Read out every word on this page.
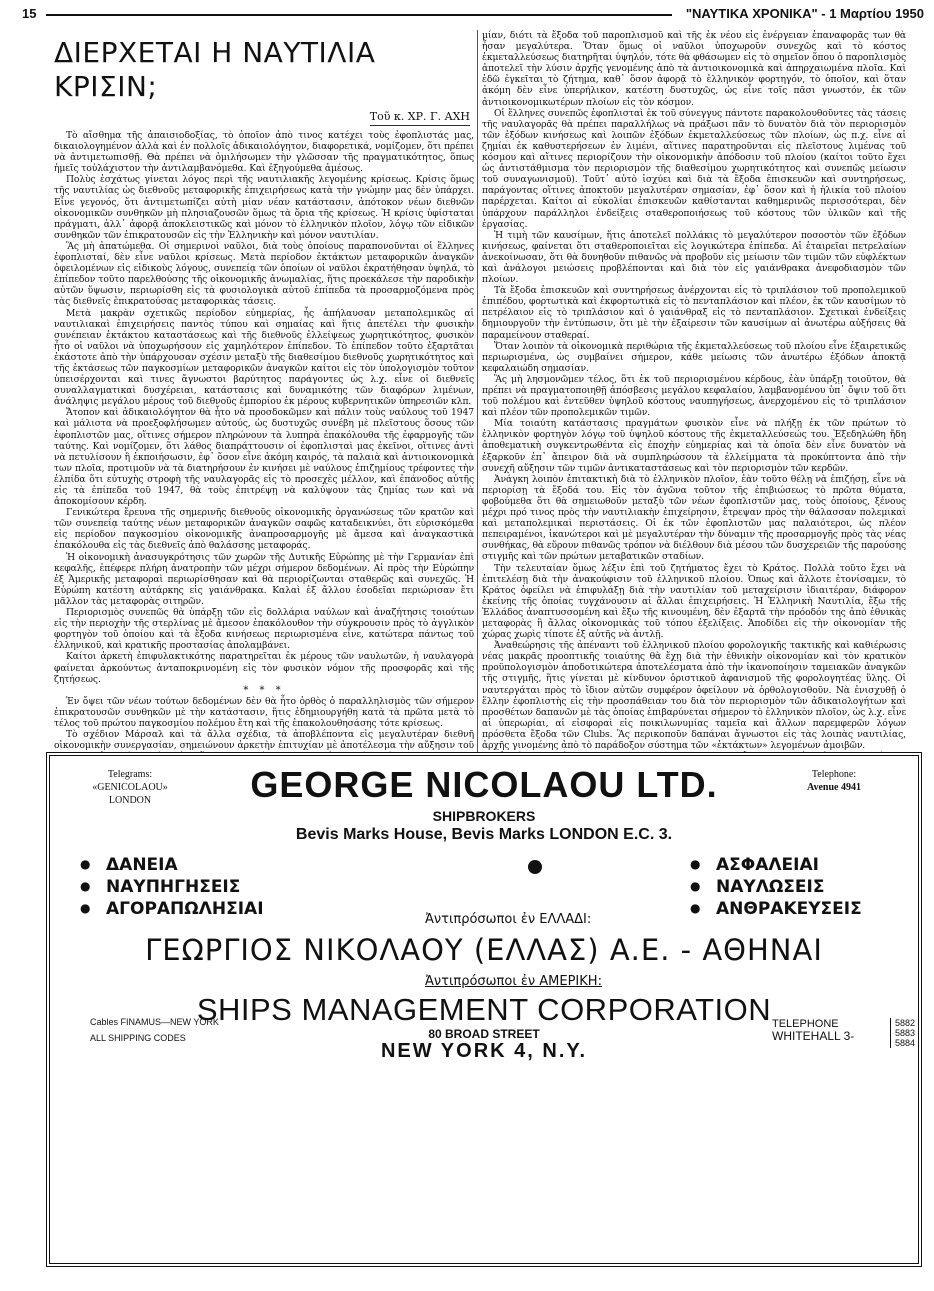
15	"ΝΑΥΤΙΚΑ ΧΡΟΝΙΚΑ" - 1 Μαρτίου 1950
ΔΙΕΡΧΕΤΑΙ Η ΝΑΥΤΙΛΙΑ ΚΡΙΣΙΝ;
Τοῦ κ. ΧΡ. Γ. ΑΧΗ

Τὸ αἴσθημα τῆς ἀπαισιοδοξίας, τὸ ὁποῖον ἀπὸ τινος κατέχει τοὺς ἐφοπλιστάς μας, δικαιολογημένον ἀλλὰ καὶ ἐν πολλοῖς ἀδικαιολόγητον, διαφορετικά, νομίζομεν, ὅτι πρέπει νὰ ἀντιμετωπισθῇ. Θὰ πρέπει νὰ ὁμιλήσωμεν τὴν γλῶσσαν τῆς πραγματικότητος, ὅπως ἡμεῖς τοὐλάχιστον τὴν ἀντιλαμβανόμεθα. Καὶ ἐξηγούμεθα ἀμέσως.

Πολὺς ἐσχάτως γίνεται λόγος περὶ τῆς ναυτιλιακῆς λεγομένης κρίσεως. Κρίσις ὅμως τῆς ναυτιλίας ὡς διεθνοῦς μεταφορικῆς ἐπιχειρήσεως κατὰ τὴν γνώμην μας δὲν ὑπάρχει. Εἶνε γεγονός, ὅτι ἀντιμετωπίζει αὐτὴ μίαν νέαν κατάστασιν, ἀπότοκον νέων διεθνῶν οἰκονομικῶν συνθηκῶν μὴ πλησιαζουσῶν ὅμως τὰ ὅρια τῆς κρίσεως. Ἡ κρίσις ὑφίσταται πράγματι, ἀλλ᾽ ἀφορᾷ ἀποκλειστικῶς καὶ μόνον τὸ ἑλληνικὸν πλοῖον, λόγῳ τῶν εἰδικῶν συνθηκῶν τῶν ἐπικρατουσῶν εἰς τὴν Ἑλληνικὴν καὶ μόνον ναυτιλίαν.

Ἂς μὴ ἀπατώμεθα. Οἱ σημερινοὶ ναῦλοι, διὰ τοὺς ὁποίους παραπονοῦνται οἱ ἕλληνες ἐφοπλισταί, δὲν εἶνε ναῦλοι κρίσεως. Μετὰ περίοδον ἐκτάκτων μεταφορικῶν ἀναγκῶν ὀφειλομένων εἰς εἰδικοὺς λόγους, συνεπείᾳ τῶν ὁποίων οἱ ναῦλοι ἐκρατήθησαν ὑψηλά, τὸ ἐπίπεδον τοῦτο παρελθούσης τῆς οἰκονομικῆς ἀνωμαλίας, ἥτις προεκάλεσε τὴν παροδικὴν αὐτῶν ὕψωσιν, περιωρίσθη εἰς τὰ φυσιολογικὰ αὐτοῦ ἐπίπεδα τὰ προσαρμοζόμενα πρὸς τὰς διεθνεῖς ἐπικρατούσας μεταφορικὰς τάσεις.

Μετὰ μακρὰν σχετικῶς περίοδον εὐημερίας, ἧς ἀπήλαυσαν μεταπολεμικῶς αἱ ναυτιλιακαὶ ἐπιχειρήσεις παντὸς τύπου καὶ σημαίας καὶ ἥτις ἀπετέλει τὴν φυσικὴν συνέπειαν ἐκτάκτου καταστάσεως καὶ τῆς διεθνοῦς ἐλλείψεως χωρητικότητος, φυσικὸν ἦτο οἱ ναῦλοι νὰ ὑποχωρήσουν εἰς χαμηλότερον ἐπίπεδον. Τὸ ἐπίπεδον τοῦτο ἐξαρτᾶται ἑκάστοτε ἀπὸ τὴν ὑπάρχουσαν σχέσιν μεταξὺ τῆς διαθεσίμου διεθνοῦς χωρητικότητος καὶ τῆς ἐκτάσεως τῶν παγκοσμίων μεταφορικῶν ἀναγκῶν καίτοι εἰς τὸν ὑπολογισμὸν τοῦτον ὑπεισέρχονται καὶ τινες ἄγνωστοι βαρύτητος παράγοντες ὡς λ.χ. εἶνε οἱ διεθνεῖς συναλλαγματικαὶ δυσχέρειαι, κατάστασις καὶ δυναμικότης τῶν διαφόρων λιμένων, ἀνάληψις μεγάλου μέρους τοῦ διεθνοῦς ἐμπορίου ἐκ μέρους κυβερνητικῶν ὑπηρεσιῶν κλπ.

Ἄτοπον καὶ ἀδικαιολόγητον θὰ ἦτο νὰ προσδοκῶμεν καὶ πάλιν τοὺς ναύλους τοῦ 1947 καὶ μάλιστα νὰ προεξοφλήσωμεν αὐτούς, ὡς δυστυχῶς συνέβη μὲ πλεῖστους ὅσους τῶν ἐφοπλιστῶν μας, οἵτινες σήμερον πληρώνουν τὰ λυπηρὰ ἐπακόλουθα τῆς ἐφαρμογῆς τῶν ταύτης. Καὶ νομίζομεν, ὅτι λάθος διαπράττουσιν οἱ ἐφοπλισταὶ μας ἐκεῖνοι, οἵτινες ἀντὶ νὰ πετυλίσουν ἢ ἐκποιήσωσιν, ἐφ᾽ ὅσον εἶνε ἀκόμη καιρός, τὰ παλαιὰ καὶ ἀντιοικονομικὰ των πλοῖα, προτιμοῦν νὰ τὰ διατηρήσουν ἐν κινήσει μὲ ναύλους ἐπιζημίους τρέφοντες τὴν ἐλπίδα ὅτι εὐτυχὴς στροφὴ τῆς ναυλαγορᾶς εἰς τὸ προσεχὲς μέλλον, καὶ ἐπάνοδος αὐτῆς εἰς τὰ ἐπίπεδα τοῦ 1947, θὰ τοὺς ἐπιτρέψῃ νὰ καλύψουν τὰς ζημίας των καὶ νὰ ἀποκομίσουν κέρδη.

Γενικώτερα ἔρευνα τῆς σημερινῆς διεθνοῦς οἰκονομικῆς ὀργανώσεως τῶν κρατῶν καὶ τῶν συνεπείᾳ ταύτης νέων μεταφορικῶν ἀναγκῶν σαφῶς καταδεικνύει, ὅτι εὑρισκόμεθα εἰς περίοδον παγκοσμίου οἰκονομικῆς ἀναπροσαρμογῆς μὲ ἄμεσα καὶ ἀναγκαστικὰ ἐπακόλουθα εἰς τὰς διεθνεῖς ἀπὸ θαλάσσης μεταφοράς.

Ἡ οἰκονομικὴ ἀνασυγκρότησις τῶν χωρῶν τῆς Δυτικῆς Εὐρώπης μὲ τὴν Γερμανίαν ἐπὶ κεφαλῆς, ἐπέφερε πλήρη ἀνατροπὴν τῶν μέχρι σήμερον δεδομένων. Αἱ πρὸς τὴν Εὐρώπην ἐξ Ἀμερικῆς μεταφοραὶ περιωρίσθησαν καὶ θὰ περιορίζωνται σταθερῶς καὶ συνεχῶς. Ἡ Εὐρώπη κατέστη αὐτάρκης εἰς γαιάνθρακα. Καλαὶ ἐξ ἄλλου ἐσοδεῖαι περιώρισαν ἔτι μᾶλλον τὰς μεταφορὰς σιτηρῶν.

Περιορισμὸς συνεπῶς θὰ ὑπάρξῃ τῶν εἰς δολλάρια ναύλων καὶ ἀναζήτησις τοιούτων εἰς τὴν περιοχὴν τῆς στερλίνας μὲ ἄμεσον ἐπακόλουθον τὴν σύγκρουσιν πρὸς τὸ ἀγγλικὸν φορτηγὸν τοῦ ὁποίου καὶ τὰ ἔξοδα κινήσεως περιωρισμένα εἶνε, κατώτερα πάντως τοῦ ἑλληνικοῦ, καὶ κρατικῆς προστασίας ἀπολαμβάνει.

Καίτοι ἀρκετὴ ἐπιφυλακτικότης παρατηρεῖται ἐκ μέρους τῶν ναυλωτῶν, ἡ ναυλαγορὰ φαίνεται ἀρκούντως ἀνταποκρινομένη εἰς τὸν φυσικὸν νόμον τῆς προσφορᾶς καὶ τῆς ζητήσεως.

* * *

Ἐν ὄψει τῶν νέων τούτων δεδομένων δὲν θὰ ἦτο ὀρθὸς ὁ παραλληλισμὸς τῶν σήμερον ἐπικρατουσῶν συνθηκῶν μὲ τὴν κατάστασιν, ἥτις ἐδημιουργήθη κατὰ τὰ πρῶτα μετὰ τὸ τέλος τοῦ πρώτου παγκοσμίου πολέμου ἔτη καὶ τῆς ἐπακολουθησάσης τότε κρίσεως.

Τὸ σχέδιον Μάρσαλ καὶ τὰ ἄλλα σχέδια, τὰ ἀποβλέποντα εἰς μεγαλυτέραν διεθνῆ οἰκονομικὴν συνεργασίαν, σημειώνουν ἀρκετὴν ἐπιτυχίαν μὲ ἀποτέλεσμα τὴν αὔξησιν τοῦ

μίαν, διότι τὰ ἔξοδα τοῦ παροπλισμοῦ καὶ τῆς ἐκ νέου εἰς ἐνέργειαν ἐπαναφορᾶς των θὰ ἦσαν μεγαλύτερα. Ὅταν ὅμως οἱ ναῦλοι ὑποχωροῦν συνεχῶς καὶ τὸ κόστος ἐκμεταλλεύσεως διατηρῆται ὑψηλόν, τότε θὰ φθάσωμεν εἰς τὸ σημεῖον ὅπου ὁ παροπλισμὸς ἀποτελεῖ τὴν λύσιν ἀρχῆς γενομένης ἀπὸ τὰ ἀντιοικονομικὰ καὶ ἀπηρχαιωμένα πλοῖα. Καὶ ἐδῶ ἐγκεῖται τὸ ζήτημα, καθ᾽ ὅσον ἀφορᾷ τὸ ἑλληνικὸν φορτηγόν, τὸ ὁποῖον, καὶ ὅταν ἀκόμη δὲν εἶνε ὑπερήλικον, κατέστη δυστυχῶς, ὡς εἶνε τοῖς πᾶσι γνωστόν, ἐκ τῶν ἀντιοικονομικωτέρων πλοίων εἰς τὸν κόσμον.

Οἱ ἕλληνες συνεπῶς ἐφοπλισταὶ ἐκ τοῦ σύνεγγυς πάντοτε παρακολουθοῦντες τὰς τάσεις τῆς ναυλαγορᾶς θὰ πρέπει παραλλήλως νὰ πράξωσι πᾶν τὸ δυνατὸν διὰ τὸν περιορισμὸν τῶν ἐξόδων κινήσεως καὶ λοιπῶν ἐξόδων ἐκμεταλλεύσεως τῶν πλοίων, ὡς π.χ. εἶνε αἱ ζημίαι ἐκ καθυστερήσεων ἐν λιμένι, αἵτινες παρατηροῦνται εἰς πλεῖστους λιμένας τοῦ κόσμου καὶ αἵτινες περιορίζουν τὴν οἰκονομικὴν ἀπόδοσιν τοῦ πλοίου (καίτοι τοῦτο ἔχει ὡς ἀντιστάθμισμα τὸν περιορισμὸν τῆς διαθεσίμου χωρητικότητος καὶ συνεπῶς μείωσιν τοῦ συναγωνισμοῦ). Τοῦτ᾽ αὐτὸ ἰσχύει καὶ διὰ τὰ ἔξοδα ἐπισκευῶν καὶ συντηρήσεως, παράγοντας οἵτινες ἀποκτοῦν μεγαλυτέραν σημασίαν, ἐφ᾽ ὅσον καὶ ἡ ἡλικία τοῦ πλοίου παρέρχεται. Καίτοι αἱ εὐκολίαι ἐπισκευῶν καθίστανται καθημερινῶς περισσότεραι, δὲν ὑπάρχουν παράλληλοι ἐνδείξεις σταθεροποιήσεως τοῦ κόστους τῶν ὑλικῶν καὶ τῆς ἐργασίας.

Ἡ τιμὴ τῶν καυσίμων, ἥτις ἀποτελεῖ πολλάκις τὸ μεγαλύτερον ποσοστὸν τῶν ἐξόδων κινήσεως, φαίνεται ὅτι σταθεροποιεῖται εἰς λογικώτερα ἐπίπεδα. Αἱ ἑταιρεῖαι πετρελαίων ἀνεκοίνωσαν, ὅτι θὰ δυνηθοῦν πιθανῶς νὰ προβοῦν εἰς μείωσιν τῶν τιμῶν τῶν εὐφλέκτων καὶ ἀνάλογοι μειώσεις προβλέπονται καὶ διὰ τὸν εἰς γαιάνθρακα ἀνεφοδιασμὸν τῶν πλοίων.

Τὰ ἔξοδα ἐπισκευῶν καὶ συντηρήσεως ἀνέρχονται εἰς τὸ τριπλάσιον τοῦ προπολεμικοῦ ἐπιπέδου, φορτωτικὰ καὶ ἐκφορτωτικὰ εἰς τὸ πενταπλάσιον καὶ πλέον, ἐκ τῶν καυσίμων τὸ πετρέλαιον εἰς τὸ τριπλάσιον καὶ ὁ γαιάνθραξ εἰς τὸ πενταπλάσιον. Σχετικαὶ ἐνδείξεις δημιουργοῦν τὴν ἐντύπωσιν, ὅτι μὲ τὴν ἐξαίρεσιν τῶν καυσίμων αἱ ἀνωτέρω αὐξήσεις θὰ παραμείνουν σταθεραί.

Ὅταν λοιπὸν τὰ οἰκονομικὰ περιθώρια τῆς ἐκμεταλλεύσεως τοῦ πλοίου εἶνε ἐξαιρετικῶς περιωρισμένα, ὡς συμβαίνει σήμερον, κάθε μείωσις τῶν ἀνωτέρω ἐξόδων ἀποκτᾷ κεφαλαιώδη σημασίαν.

Ἂς μὴ λησμονῶμεν τέλος, ὅτι ἐκ τοῦ περιορισμένου κέρδους, ἐὰν ὑπάρξῃ τοιοῦτον, θὰ πρέπει νὰ πραγματοποιηθῇ ἀπόσβεσις μεγάλου κεφαλαίου, λαμβανομένου ὑπ᾽ ὄψιν τοῦ ὅτι τοῦ πολέμου καὶ ἐντεῦθεν ὑψηλοῦ κόστους ναυπηγήσεως, ἀνερχομένου εἰς τὸ τριπλάσιον καὶ πλέον τῶν προπολεμικῶν τιμῶν.

Μία τοιαύτη κατάστασις πραγμάτων φυσικὸν εἶνε νὰ πλήξῃ ἐκ τῶν πρώτων τὸ ἑλληνικὸν φορτηγὸν λόγῳ τοῦ ὑψηλοῦ κόστους τῆς ἐκμεταλλεύσεώς του. Ἐξεδηλώθη ἤδη ἀποθεματικὴ συγκεντρωθέντα εἰς ἐποχὴν εὐημερίας καὶ τὰ ὁποῖα δὲν εἶνε δυνατὸν νὰ ἐξαρκοῦν ἐπ᾽ ἄπειρον διὰ νὰ συμπληρώσουν τὰ ἐλλείμματα τὰ προκύπτοντα ἀπὸ τὴν συνεχῆ αὔξησιν τῶν τιμῶν ἀντικαταστάσεως καὶ τὸν περιορισμὸν τῶν κερδῶν.

Ἀνάγκη λοιπὸν ἐπιτακτικὴ διὰ τὸ ἑλληνικὸν πλοῖον, ἐὰν τοῦτο θέλῃ νὰ ἐπιζήσῃ, εἶνε νὰ περιορίσῃ τὰ ἔξοδά του. Εἰς τὸν ἀγῶνα τοῦτον τῆς ἐπιβιώσεως τὸ πρῶτα θύματα, φοβούμεθα ὅτι θὰ σημειωθοῦν μεταξὺ τῶν νέων ἐφοπλιστῶν μας, τοὺς ὁποίους, ξένους μέχρι πρό τινος πρὸς τὴν ναυτιλιακὴν ἐπιχείρησιν, ἔτρεψαν πρὸς τὴν θάλασσαν πολεμικαὶ καὶ μεταπολεμικαὶ περιστάσεις. Οἱ ἐκ τῶν ἐφοπλιστῶν μας παλαιότεροι, ὡς πλέον πεπειραμένοι, ἱκανώτεροι καὶ μὲ μεγαλυτέραν τὴν δύναμιν τῆς προσαρμογῆς πρὸς τὰς νέας συνθήκας, θὰ εὕρουν πιθανῶς τρόπον νὰ διέλθουν διὰ μέσου τῶν δυσχερειῶν τῆς παρούσης στιγμῆς καὶ τῶν πρώτων μεταβατικῶν σταδίων.

Τὴν τελευταίαν ὅμως λέξιν ἐπὶ τοῦ ζητήματος ἔχει τὸ Κράτος. Πολλὰ τοῦτο ἔχει νὰ ἐπιτελέσῃ διὰ τὴν ἀνακούφισιν τοῦ ἑλληνικοῦ πλοίου. Ὁπως καὶ ἄλλοτε ἐτονίσαμεν, τὸ Κράτος ὀφείλει νὰ ἐπιφυλάξῃ διὰ τὴν ναυτιλίαν τοῦ μεταχείρισιν ἰδιαιτέραν, διάφορον ἐκείνης τῆς ὁποίας τυγχάνουσιν αἱ ἄλλαι ἐπιχειρήσεις. Ἡ Ἑλληνικὴ Ναυτιλία, ἔξω τῆς Ἑλλάδος ἀναπτυσσομένη καὶ ἔξω τῆς κινουμένη, δὲν ἐξαρτᾶ τὴν πρόοδόν της ἀπὸ ἐθνικὰς μεταφορὰς ἢ ἄλλας οἰκονομικὰς τοῦ τόπου ἐξελίξεις. Ἀποδίδει εἰς τὴν οἰκονομίαν τῆς χώρας χωρὶς τίποτε ἐξ αὐτῆς νὰ ἀντλῇ.

Ἀναθεώρησις τῆς ἀπέναντι τοῦ ἑλληνικοῦ πλοίου φορολογικῆς τακτικῆς καὶ καθιέρωσις νέας μακρᾶς προοπτικῆς τοιαύτης θὰ ἔχῃ διὰ τὴν ἐθνικὴν οἰκονομίαν καὶ τὸν κρατικὸν προϋπολογισμὸν ἀποδοτικώτερα ἀποτελέσματα ἀπὸ τὴν ἱκανοποίησιν ταμειακῶν ἀναγκῶν τῆς στιγμῆς, ἥτις γίνεται μὲ κίνδυνον ὁριστικοῦ ἀφανισμοῦ τῆς φορολογητέας ὕλης. Οἱ ναυτεργάται πρὸς τὸ ἴδιον αὐτῶν συμφέρον ὀφείλουν νὰ ὀρθολογισθοῦν. Νὰ ἐνισχυθῇ ὁ ἕλλην ἐφοπλιστὴς εἰς τὴν προσπάθειαν του διὰ τὸν περιορισμὸν τῶν ἀδικαιολογήτων καὶ προσθέτων δαπανῶν μὲ τὰς ὁποίας ἐπιβαρύνεται σήμερον τὸ ἑλληνικὸν πλοῖον, ὡς λ.χ. εἶνε αἱ ὑπερωρίαι, αἱ εἰσφοραὶ εἰς ποικιλωνυμίας ταμεῖα καὶ ἄλλων παρεμφερῶν λόγων πρόσθετα ἔξοδα τῶν Clubs. Ἂς περικοποῦν δαπάναι ἄγνωστοι εἰς τὰς λοιπὰς ναυτιλίας, ἀρχῆς γινομένης ἀπὸ τὸ παράδοξον σύστημα τῶν «ἐκτάκτων» λεγομένων ἀμοιβῶν.

Telegrams:
«GENICOLAOU»
LONDON
Telephone:
Avenue 4941
GEORGE NICOLAOU LTD.
SHIPBROKERS
Bevis Marks House, Bevis Marks LONDON E.C. 3.
● ΔΑΝΕΙΑ
● ΝΑΥΠΗΓΗΣΕΙΣ
● ΑΓΟΡΑΠΩΛΗΣΙΑΙ
● ΑΣΦΑΛΕΙΑΙ
● ΝΑΥΛΩΣΕΙΣ
● ΑΝΘΡΑΚΕΥΣΕΙΣ
Ἀντιπρόσωποι ἐν ΕΛΛΑΔΙ:
ΓΕΩΡΓΙΟΣ ΝΙΚΟΛΑΟΥ (ΕΛΛΑΣ) Α.Ε. - ΑΘΗΝΑΙ
Ἀντιπρόσωποι ἐν ΑΜΕΡΙΚΗ:
SHIPS MANAGEMENT CORPORATION
Cables FINAMUS—NEW YORK
ALL SHIPPING CODES	80 BROAD STREET
NEW YORK 4, N.Y.
TELEPHONE
WHITEHALL 3-
5882
5883
5884
